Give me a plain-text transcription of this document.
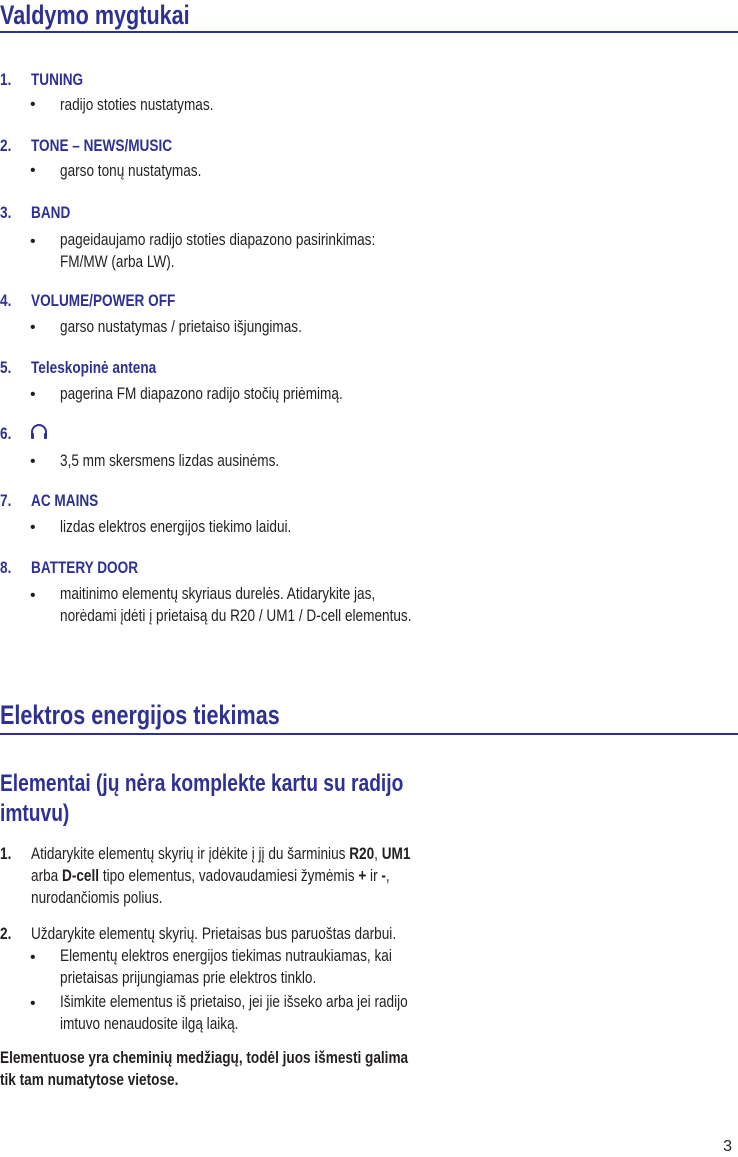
Valdymo mygtukai
1. TUNING
• radijo stoties nustatymas.
2. TONE – NEWS/MUSIC
• garso tonų nustatymas.
3. BAND
• pageidaujamo radijo stoties diapazono pasirinkimas:
FM/MW (arba LW).
4. VOLUME/POWER OFF
• garso nustatymas / prietaiso išjungimas.
5. Teleskopinė antena
• pagerina FM diapazono radijo stočių priėmimą.
6.
• 3,5 mm skersmens lizdas ausinėms.
7. AC MAINS
• lizdas elektros energijos tiekimo laidui.
8. BATTERY DOOR
• maitinimo elementų skyriaus durelės. Atidarykite jas,
norėdami įdėti į prietaisą du R20 / UM1 / D-cell elementus.
Elektros energijos tiekimas
Elementai (jų nėra komplekte kartu su radijo
imtuvu)
1. Atidarykite elementų skyrių ir įdėkite į jį du šarminius R20, UM1
arba D-cell tipo elementus, vadovaudamiesi žymėmis + ir -,
nurodančiomis polius.
2. Uždarykite elementų skyrių. Prietaisas bus paruoštas darbui.
• Elementų elektros energijos tiekimas nutraukiamas, kai
prietaisas prijungiamas prie elektros tinklo.
• Išimkite elementus iš prietaiso, jei jie išseko arba jei radijo
imtuvo nenaudosite ilgą laiką.
Elementuose yra cheminių medžiagų, todėl juos išmesti galima
tik tam numatytose vietose.
3
